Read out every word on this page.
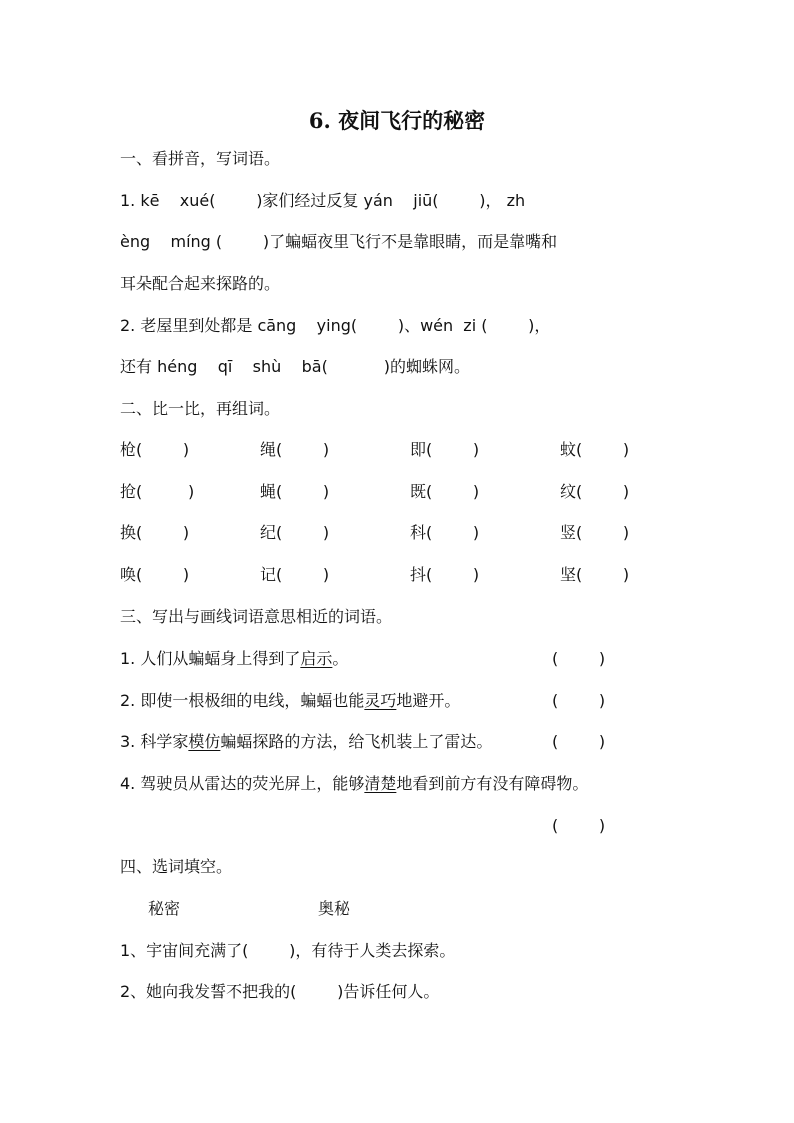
6. 夜间飞行的秘密
一、看拼音，写词语。
1. kē    xué(        )家们经过反复 yán    jiū(        )， zh
èng    míng (        )了蝙蝠夜里飞行不是靠眼睛，而是靠嘴和
耳朵配合起来探路的。
2. 老屋里到处都是 cāng    ying(        )、wén  zi (        )，
还有 héng    qī    shù    bā(           )的蜘蛛网。
二、比一比，再组词。
枪(        )	绳(        )	即(        )	蚊(        )
抢(         )	蝇(        )	既(        )	纹(        )
换(        )	纪(        )	科(        )	竖(        )
唤(        )	记(        )	抖(        )	坚(        )
三、写出与画线词语意思相近的词语。
1. 人们从蝙蝠身上得到了启示。	(        )
2. 即使一根极细的电线，蝙蝠也能灵巧地避开。	(        )
3. 科学家模仿蝙蝠探路的方法，给飞机装上了雷达。	(        )
4. 驾驶员从雷达的荧光屏上，能够清楚地看到前方有没有障碍物。
(        )
四、选词填空。
秘密	奥秘
1、宇宙间充满了(        )，有待于人类去探索。
2、她向我发誓不把我的(        )告诉任何人。
